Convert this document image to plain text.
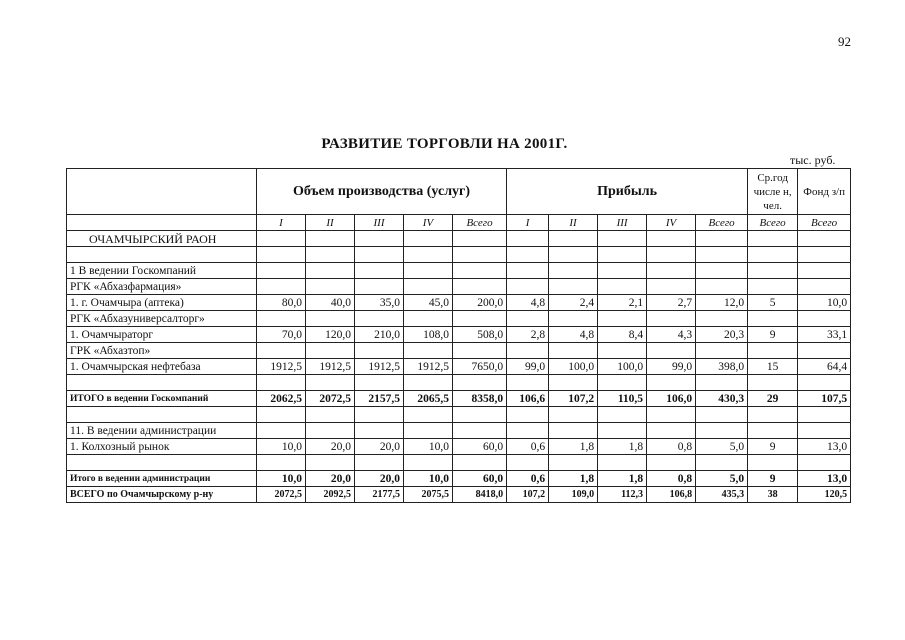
92
РАЗВИТИЕ ТОРГОВЛИ НА 2001Г.
тыс. руб.
	Объем производства (услуг)					Прибыль					Ср.год числе н, чел.	Фонд з/п
	I	II	III	IV	Всего	I	II	III	IV	Всего	Всего	Всего
ОЧАМЧЫРСКИЙ РАОН												

1 В ведении Госкомпаний												
РГК «Абхазфармация»												
1. г. Очамчыра (аптека)	80,0	40,0	35,0	45,0	200,0	4,8	2,4	2,1	2,7	12,0	5	10,0
РГК «Абхазуниверсалторг»												
1. Очамчыраторг	70,0	120,0	210,0	108,0	508,0	2,8	4,8	8,4	4,3	20,3	9	33,1
ГРК «Абхазтоп»												
1. Очамчырская нефтебаза	1912,5	1912,5	1912,5	1912,5	7650,0	99,0	100,0	100,0	99,0	398,0	15	64,4

ИТОГО в ведении Госкомпаний	2062,5	2072,5	2157,5	2065,5	8358,0	106,6	107,2	110,5	106,0	430,3	29	107,5

11. В ведении администрации												
1. Колхозный рынок	10,0	20,0	20,0	10,0	60,0	0,6	1,8	1,8	0,8	5,0	9	13,0

Итого в ведении администрации	10,0	20,0	20,0	10,0	60,0	0,6	1,8	1,8	0,8	5,0	9	13,0
ВСЕГО по Очамчырскому р-ну	2072,5	2092,5	2177,5	2075,5	8418,0	107,2	109,0	112,3	106,8	435,3	38	120,5
